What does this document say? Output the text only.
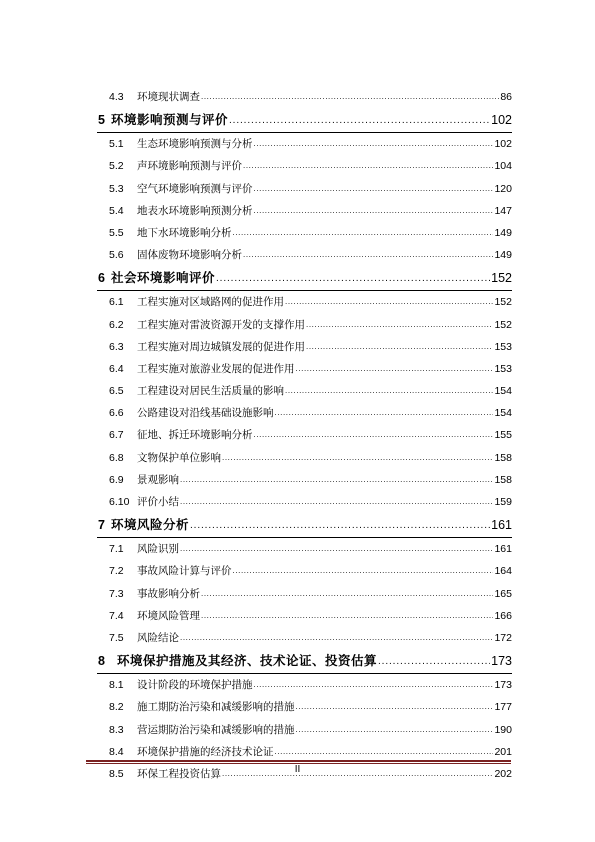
4.3	环境现状调查 .....	86
5 环境影响预测与评价 .....	102
5.1	生态环境影响预测与分析 .....	102
5.2	声环境影响预测与评价 .....	104
5.3	空气环境影响预测与评价 .....	120
5.4	地表水环境影响预测分析 .....	147
5.5	地下水环境影响分析 .....	149
5.6	固体废物环境影响分析 .....	149
6 社会环境影响评价 .....	152
6.1	工程实施对区域路网的促进作用 .....	152
6.2	工程实施对雷波资源开发的支撑作用 .....	152
6.3	工程实施对周边城镇发展的促进作用 .....	153
6.4	工程实施对旅游业发展的促进作用 .....	153
6.5	工程建设对居民生活质量的影响 .....	154
6.6	公路建设对沿线基础设施影响 .....	154
6.7	征地、拆迁环境影响分析 .....	155
6.8	文物保护单位影响 .....	158
6.9	景观影响 .....	158
6.10 评价小结 .....	159
7 环境风险分析 .....	161
7.1	风险识别 .....	161
7.2	事故风险计算与评价 .....	164
7.3	事故影响分析 .....	165
7.4	环境风险管理 .....	166
7.5	风险结论 .....	172
8 环境保护措施及其经济、技术论证、投资估算 .....	173
8.1	设计阶段的环境保护措施 .....	173
8.2	施工期防治污染和减缓影响的措施 .....	177
8.3	营运期防治污染和减缓影响的措施 .....	190
8.4	环境保护措施的经济技术论证 .....	201
8.5	环保工程投资估算 .....	202
II
